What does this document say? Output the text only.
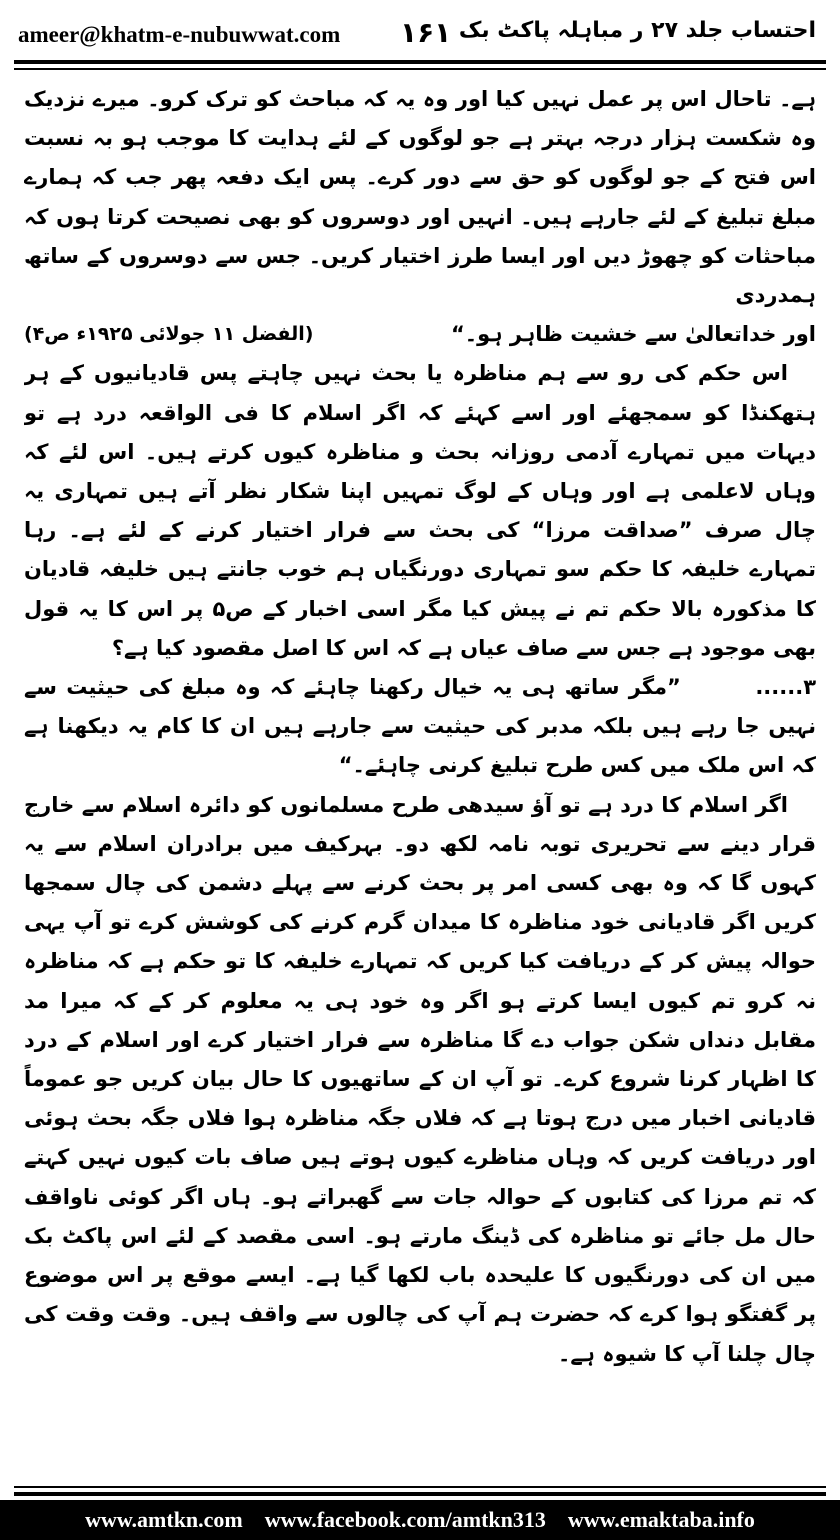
ameer@khatm-e-nubuwwat.com ۱۶۱ احتساب جلد ۲۷ ر مباہلہ پاکٹ بک

ہے۔ تاحال اس پر عمل نہیں کیا اور وہ یہ کہ مباحث کو ترک کرو۔ میرے نزدیک وہ شکست ہزار درجہ بہتر ہے جو لوگوں کے لئے ہدایت کا موجب ہو بہ نسبت اس فتح کے جو لوگوں کو حق سے دور کرے۔ پس ایک دفعہ پھر جب کہ ہمارے مبلغ تبلیغ کے لئے جارہے ہیں۔ انہیں اور دوسروں کو بھی نصیحت کرتا ہوں کہ مباحثات کو چھوڑ دیں اور ایسا طرز اختیار کریں۔ جس سے دوسروں کے ساتھ ہمدردی

اور خداتعالیٰ سے خشیت ظاہر ہو۔“
(الفضل ۱۱ جولائی ۱۹۲۵ء ص۴)

اس حکم کی رو سے ہم مناظرہ یا بحث نہیں چاہتے پس قادیانیوں کے ہر ہتھکنڈا کو سمجھئے اور اسے کہئے کہ اگر اسلام کا فی الواقعہ درد ہے تو دیہات میں تمہارے آدمی روزانہ بحث و مناظرہ کیوں کرتے ہیں۔ اس لئے کہ وہاں لاعلمی ہے اور وہاں کے لوگ تمہیں اپنا شکار نظر آتے ہیں تمہاری یہ چال صرف ”صداقت مرزا“ کی بحث سے فرار اختیار کرنے کے لئے ہے۔ رہا تمہارے خلیفہ کا حکم سو تمہاری دورنگیاں ہم خوب جانتے ہیں خلیفہ قادیان کا مذکورہ بالا حکم تم نے پیش کیا مگر اسی اخبار کے ص۵ پر اس کا یہ قول بھی موجود ہے جس سے صاف عیاں ہے کہ اس کا اصل مقصود کیا ہے؟

۳......        ”مگر ساتھ ہی یہ خیال رکھنا چاہئے کہ وہ مبلغ کی حیثیت سے نہیں جا رہے ہیں بلکہ مدبر کی حیثیت سے جارہے ہیں ان کا کام یہ دیکھنا ہے کہ اس ملک میں کس طرح تبلیغ کرنی چاہئے۔“

اگر اسلام کا درد ہے تو آؤ سیدھی طرح مسلمانوں کو دائرہ اسلام سے خارج قرار دینے سے تحریری توبہ نامہ لکھ دو۔ بہرکیف میں برادران اسلام سے یہ کہوں گا کہ وہ بھی کسی امر پر بحث کرنے سے پہلے دشمن کی چال سمجھا کریں اگر قادیانی خود مناظرہ کا میدان گرم کرنے کی کوشش کرے تو آپ یہی حوالہ پیش کر کے دریافت کیا کریں کہ تمہارے خلیفہ کا تو حکم ہے کہ مناظرہ نہ کرو تم کیوں ایسا کرتے ہو اگر وہ خود ہی یہ معلوم کر کے کہ میرا مد مقابل دنداں شکن جواب دے گا مناظرہ سے فرار اختیار کرے اور اسلام کے درد کا اظہار کرنا شروع کرے۔ تو آپ ان کے ساتھیوں کا حال بیان کریں جو عموماً قادیانی اخبار میں درج ہوتا ہے کہ فلاں جگہ مناظرہ ہوا فلاں جگہ بحث ہوئی اور دریافت کریں کہ وہاں مناظرے کیوں ہوتے ہیں صاف بات کیوں نہیں کہتے کہ تم مرزا کی کتابوں کے حوالہ جات سے گھبراتے ہو۔ ہاں اگر کوئی ناواقف حال مل جائے تو مناظرہ کی ڈینگ مارتے ہو۔ اسی مقصد کے لئے اس پاکٹ بک میں ان کی دورنگیوں کا علیحدہ باب لکھا گیا ہے۔ ایسے موقع پر اس موضوع پر گفتگو ہوا کرے کہ حضرت ہم آپ کی چالوں سے واقف ہیں۔ وقت وقت کی چال چلنا آپ کا شیوہ ہے۔

www.amtkn.com www.facebook.com/amtkn313 www.emaktaba.info
